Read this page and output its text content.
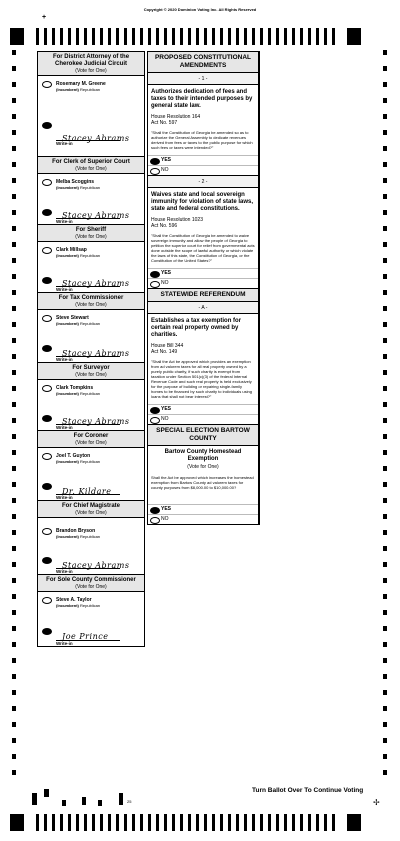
Copyright © 2020 Dominion Voting Inc. All Rights Reserved
+
For District Attorney of the Cherokee Judicial Circuit
(Vote for One)
Rosemary M. Greene
(Incumbent) Republican
Stacey Abrams
Write-in
For Clerk of Superior Court
(Vote for One)
Melba Scoggins
(Incumbent) Republican
Stacey Abrams
Write-in
For Sheriff
(Vote for One)
Clark Millsap
(Incumbent) Republican
Stacey Abrams
Write-in
For Tax Commissioner
(Vote for One)
Steve Stewart
(Incumbent) Republican
Stacey Abrams
Write-in
For Surveyor
(Vote for One)
Clark Tompkins
(Incumbent) Republican
Stacey Abrams
Write-in
For Coroner
(Vote for One)
Joel T. Guyton
(Incumbent) Republican
Dr. Kildare
Write-in
For Chief Magistrate
(Vote for One)
Brandon Bryson
(Incumbent) Republican
Stacey Abrams
Write-in
For Sole County Commissioner
(Vote for One)
Steve A. Taylor
(Incumbent) Republican
Joe Prince
Write-in
PROPOSED CONSTITUTIONAL AMENDMENTS
- 1 -
Authorizes dedication of fees and taxes to their intended purposes by general state law.
House Resolution 164
Act No. 597
"Shall the Constitution of Georgia be amended so as to authorize the General Assembly to dedicate revenues derived from fees or taxes to the public purpose for which such fees or taxes were intended?"
YES
NO
- 2 -
Waives state and local sovereign immunity for violation of state laws, state and federal constitutions.
House Resolution 1023
Act No. 596
"Shall the Constitution of Georgia be amended to waive sovereign immunity and allow the people of Georgia to petition the superior court for relief from governmental acts done outside the scope of lawful authority or which violate the laws of this state, the Constitution of Georgia, or the Constitution of the United States?"
YES
NO
STATEWIDE REFERENDUM
- A -
Establishes a tax exemption for certain real property owned by charities.
House Bill 344
Act No. 149
"Shall the Act be approved which provides an exemption from ad valorem taxes for all real property owned by a purely public charity, if such charity is exempt from taxation under Section 501(c)(3) of the federal Internal Revenue Code and such real property is held exclusively for the purpose of building or repairing single-family homes to be financed by such charity to individuals using loans that shall not bear interest?"
YES
NO
SPECIAL ELECTION BARTOW COUNTY
Bartow County Homestead Exemption
(Vote for One)
Shall the Act be approved which increases the homestead exemption from Bartow County ad valorem taxes for county purposes from $8,000.00 to $10,000.00?
YES
NO
25
Turn Ballot Over To Continue Voting
✢
